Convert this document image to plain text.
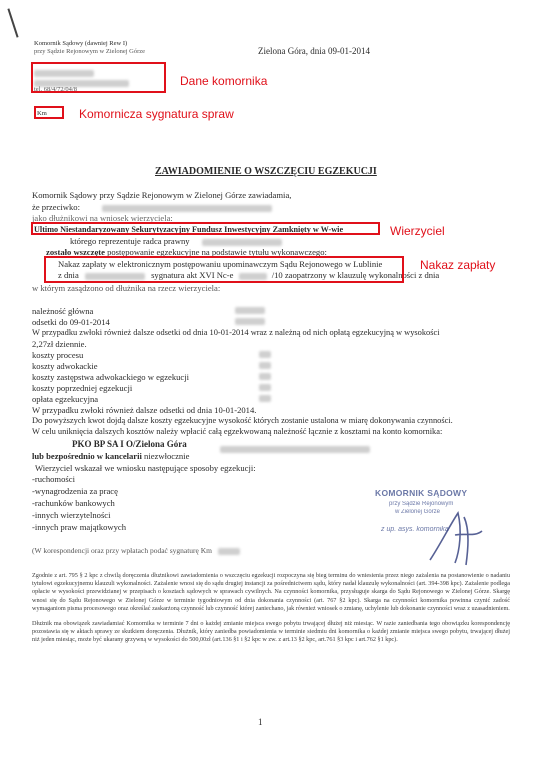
Komornik Sądowy (dawniej Rew I)
przy Sądzie Rejonowym w Zielonej Górze
tel. 68/4/72/04/8
Dane komornika
Zielona Góra, dnia 09-01-2014
Km	Komornicza sygnatura spraw
ZAWIADOMIENIE O WSZCZĘCIU EGZEKUCJI
Komornik Sądowy przy Sądzie Rejonowym w Zielonej Górze zawiadamia,
że przeciwko:
jako dłużnikowi na wniosek wierzyciela:
Ultimo Niestandaryzowany Sekurytyzacyjny Fundusz Inwestycyjny Zamknięty w W-wie	Wierzyciel
którego reprezentuje radca prawny
zostało wszczęte postępowanie egzekucyjne na podstawie tytułu wykonawczego:
Nakaz zapłaty w elektronicznym postępowaniu upominawczym Sądu Rejonowego w Lublinie
z dnia	sygnatura akt XVI Nc-e	/10 zaopatrzony w klauzulę wykonalności z dnia
Nakaz zapłaty
w którym zasądzono od dłużnika na rzecz wierzyciela:
należność główna
odsetki do 09-01-2014
W przypadku zwłoki również dalsze odsetki od dnia 10-01-2014 wraz z należną od nich opłatą egzekucyjną w wysokości
2,27zł dziennie.
koszty procesu
koszty adwokackie
koszty zastępstwa adwokackiego w egzekucji
koszty poprzedniej egzekucji
opłata egzekucyjna
W przypadku zwłoki również dalsze odsetki od dnia 10-01-2014.
Do powyższych kwot dojdą dalsze koszty egzekucyjne wysokość których zostanie ustalona w miarę dokonywania czynności.
W celu uniknięcia dalszych kosztów należy wpłacić całą egzekwowaną należność łącznie z kosztami na konto komornika:
PKO BP SA I O/Zielona Góra
lub bezpośrednio w kancelarii niezwłocznie
Wierzyciel wskazał we wniosku następujące sposoby egzekucji:
-ruchomości
-wynagrodzenia za pracę
-rachunków bankowych
-innych wierzytelności
-innych praw majątkowych
(W korespondencji oraz przy wpłatach podać sygnaturę Km
KOMORNIK SĄDOWY
przy Sądzie Rejonowym
w Zielonej Górze
z up. asys. komornika
Zgodnie z art. 795 § 2 kpc z chwilą doręczenia dłużnikowi zawiadomienia o wszczęciu egzekucji rozpoczyna się bieg terminu do wniesienia przez niego zażalenia na postanowienie o nadaniu tytułowi egzekucyjnemu klauzuli wykonalności. Zażalenie wnosi się do sądu drugiej instancji za pośrednictwem sądu, który nadał klauzulę wykonalności (art. 394-398 kpc). Zażalenie podlega opłacie w wysokości przewidzianej w przepisach o kosztach sądowych w sprawach cywilnych. Na czynności komornika, przysługuje skarga do Sądu Rejonowego w Zielonej Górze. Skargę wnosi się do Sądu Rejonowego w Zielonej Górze w terminie tygodniowym od dnia dokonania czynności (art. 767 §2 kpc). Skarga na czynności komornika powinna czynić zadość wymaganiom pisma procesowego oraz określać zaskarżoną czynność lub czynność której zaniechano, jak również wniosek o zmianę, uchylenie lub dokonanie czynności wraz z uzasadnieniem.
Dłużnik ma obowiązek zawiadamiać Komornika w terminie 7 dni o każdej zmianie miejsca swego pobytu trwającej dłużej niż miesiąc. W razie zaniedbania tego obowiązku korespondencję pozostawia się w aktach sprawy ze skutkiem doręczenia. Dłużnik, który zaniedba powiadomienia w terminie siedmiu dni komornika o każdej zmianie miejsca swego pobytu, trwającej dłużej niż jeden miesiąc, może być ukarany grzywną w wysokości do 500,00zł (art.136 §1 i §2 kpc w zw. z art.13 §2 kpc, art.761 §3 kpc i art.762 §1 kpc).
1
